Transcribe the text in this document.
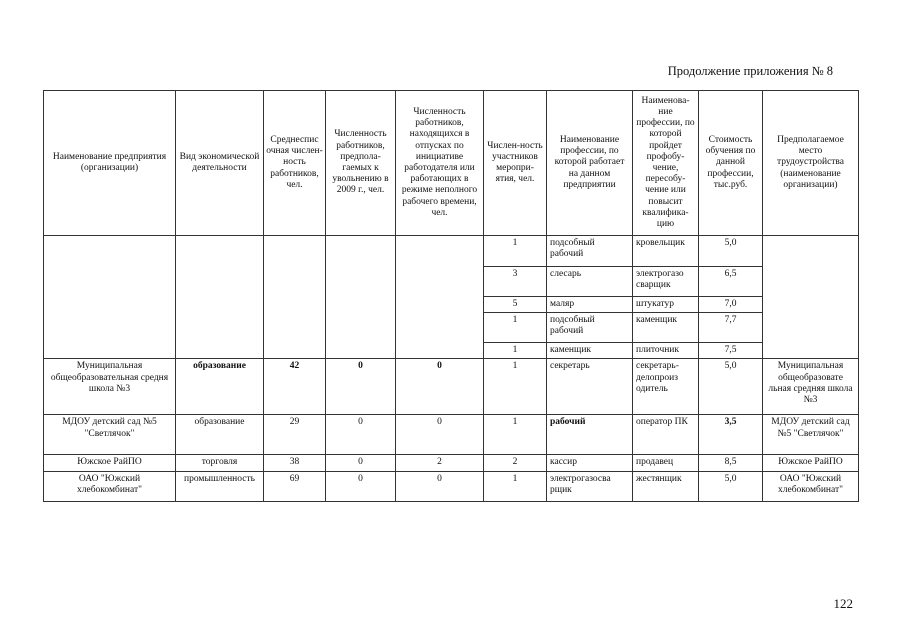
Продолжение приложения № 8
Наименование предприятия (организации)	Вид экономической деятельности	Среднеспис очная числен-ность работников, чел.	Численность работников, предпола-гаемых к увольнению в 2009 г., чел.	Численность работников, находящихся в отпусках по инициативе работодателя или работающих в режиме неполного рабочего времени, чел.	Числен-ность участников меропри-ятия, чел.	Наименование профессии, по которой работает на данном предприятии	Наименова-ние профессии, по которой пройдет профобу-чение, пересобу-чение или повысит квалифика-цию	Стоимость обучения по данной профессии, тыс.руб.	Предполагаемое место трудоустройства (наименование организации)
					1	подсобный рабочий	кровельщик	5,0	
					3	слесарь	электрогазо сварщик	6,5	
					5	маляр	штукатур	7,0	
					1	подсобный рабочий	каменщик	7,7	
					1	каменщик	плиточник	7,5	
Муниципальная общеобразовательная средня школа №3	образование	42	0	0	1	секретарь	секретарь-делопроиз одитель	5,0	Муниципальная общеобразовате льная средняя школа №3
МДОУ детский сад №5 "Светлячок"	образование	29	0	0	1	рабочий	оператор ПК	3,5	МДОУ детский сад №5 "Светлячок"
Южское РайПО	торговля	38	0	2	2	кассир	продавец	8,5	Южское РайПО
ОАО "Южский хлебокомбинат"	промышленность	69	0	0	1	электрогазосва рщик	жестянщик	5,0	ОАО "Южский хлебокомбинат"
122
